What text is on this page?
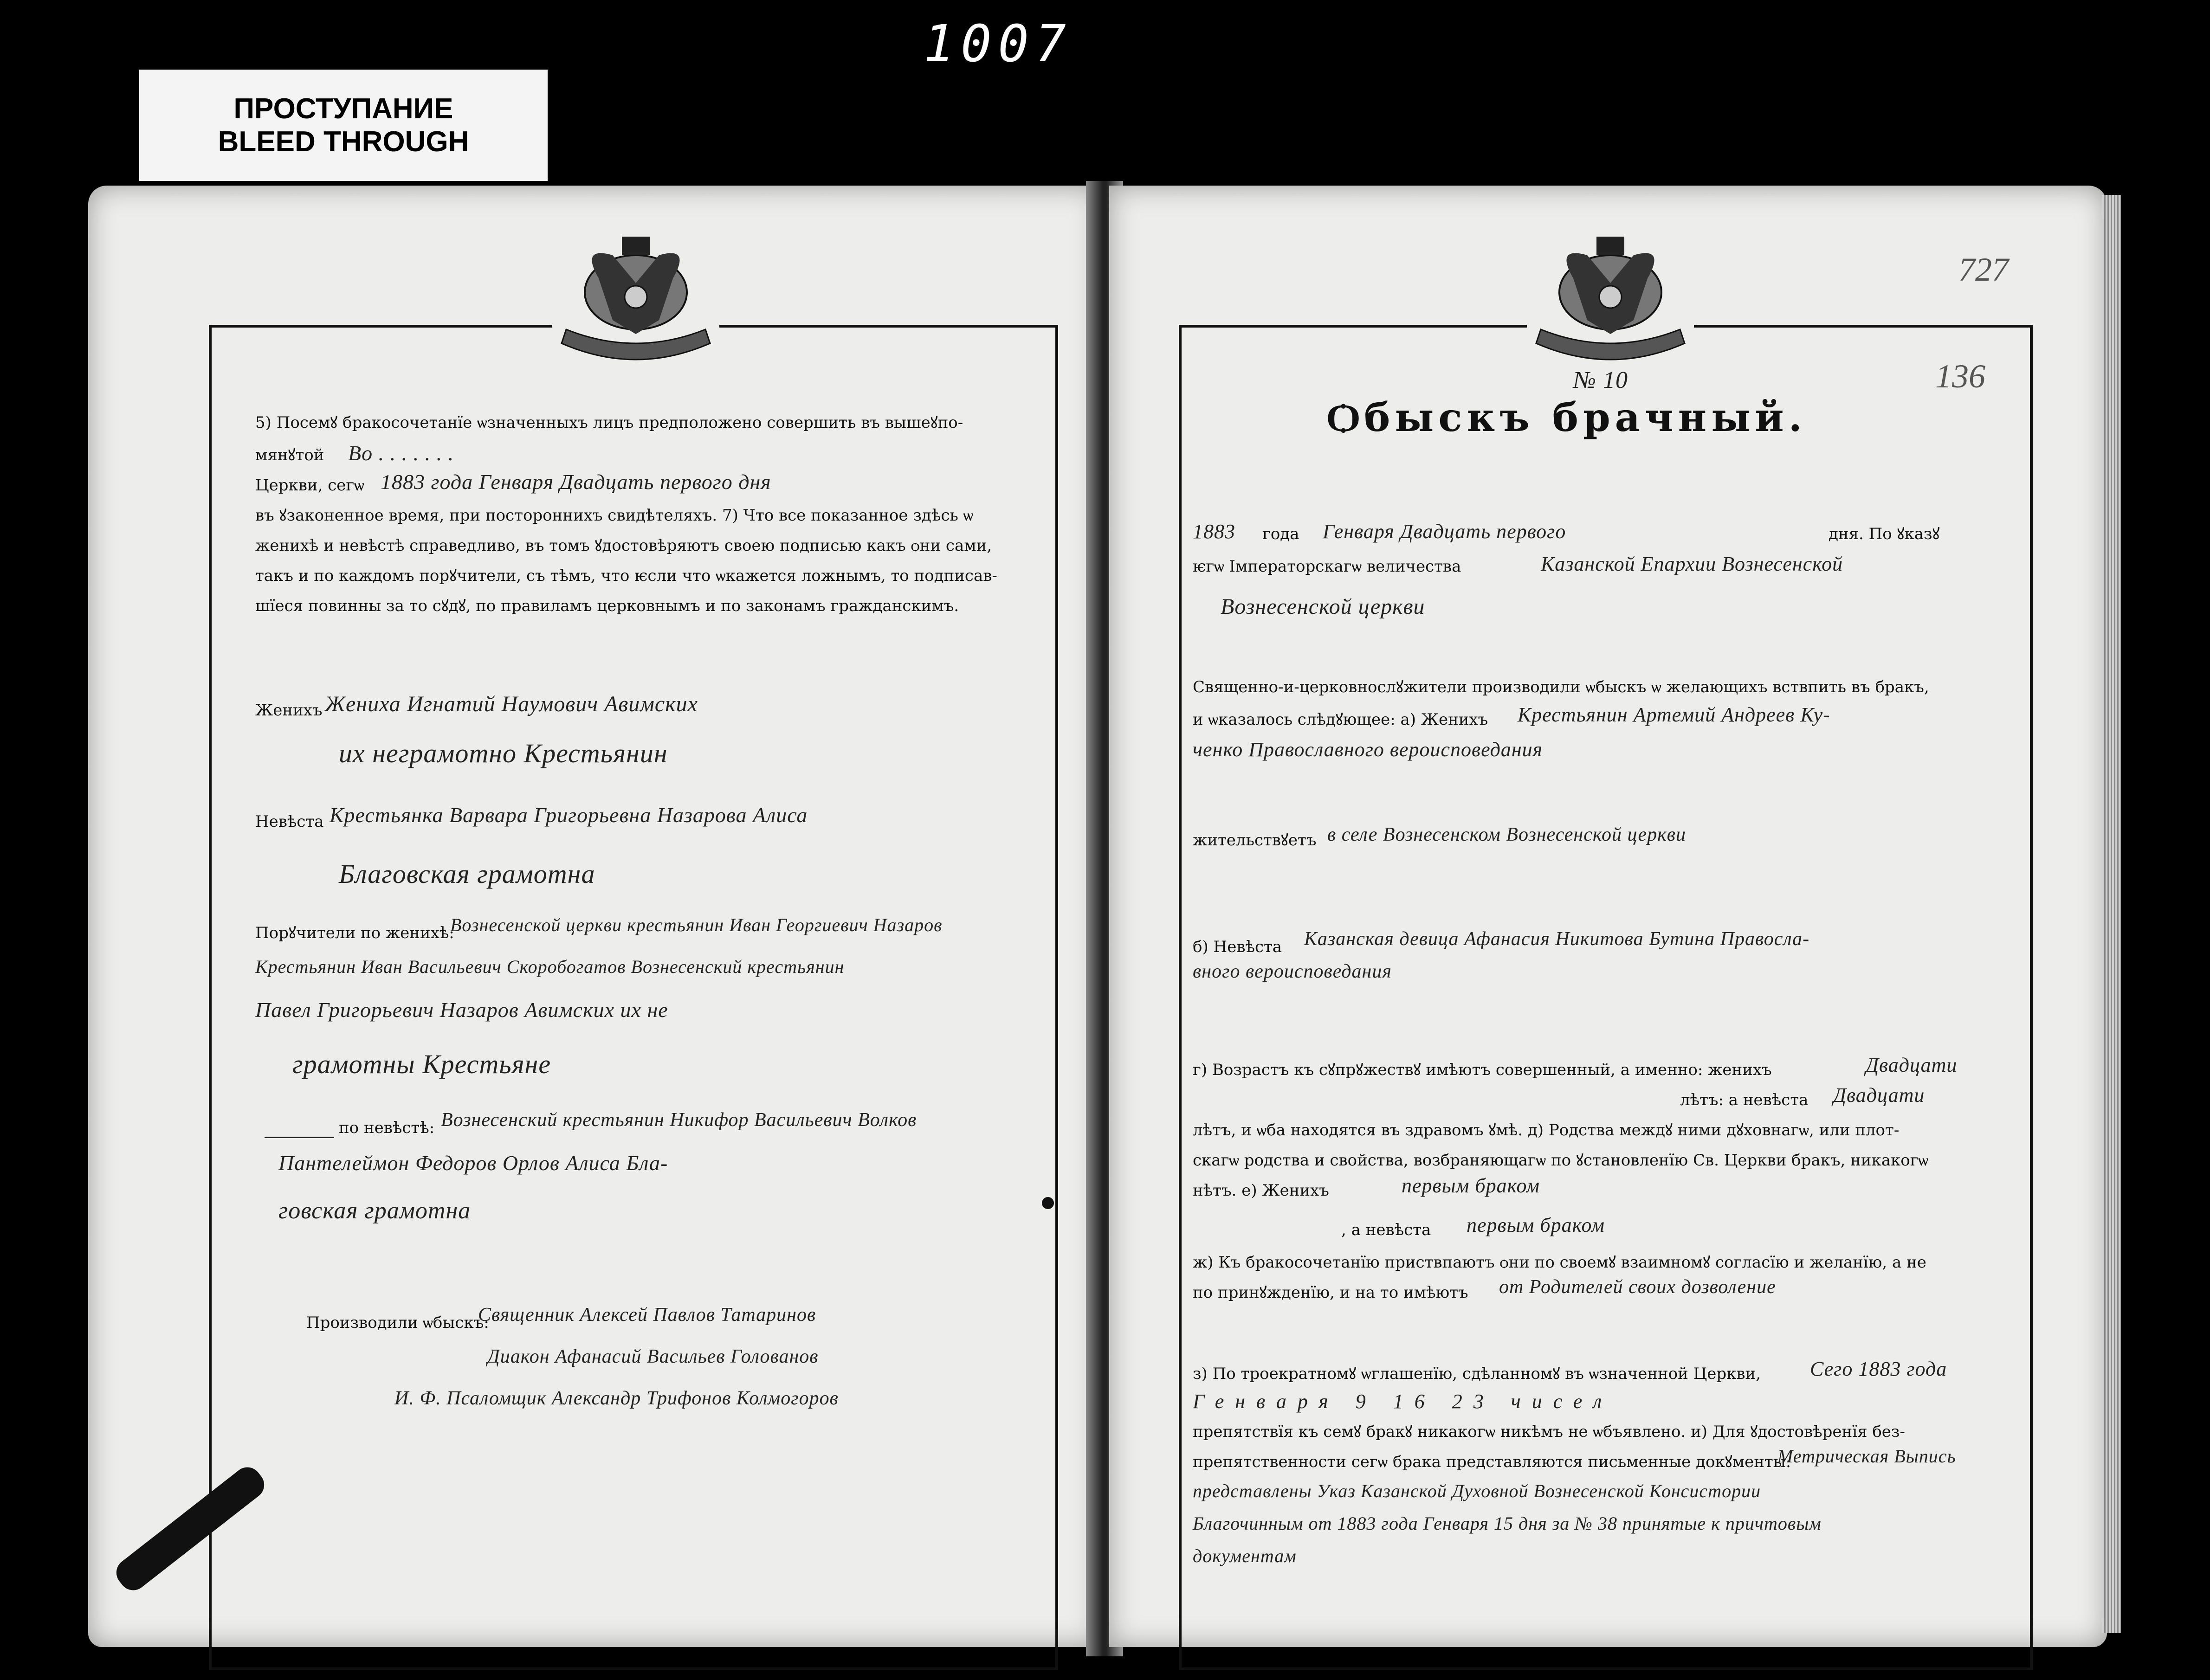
1007
ПРОСТУПАНИЕ
BLEED THROUGH
5) Посемꙋ бракосочетанїе ѡзначенныхъ лицъ предположено совершить въ вышеꙋпо-
мянꙋтой Во . . . . . . .
Церкви, сегѡ 1883 года Генваря Двадцать первого дня
въ ꙋзаконенное время, при постороннихъ свидѣтеляхъ. 7) Что все показанное здѣсь ѡ
женихѣ и невѣстѣ справедливо, въ томъ ꙋдостовѣряютъ своею подписью какъ ѻни сами,
такъ и по каждомъ порꙋчители, съ тѣмъ, что ѥсли что ѡкажется ложнымъ, то подписав-
шїеся повинны за то сꙋдꙋ, по правиламъ церковнымъ и по законамъ гражданскимъ.
Женихъ Жениха Игнатий Наумович Авимских
их неграмотно Крестьянин
Невѣста Крестьянка Варвара Григорьевна Назарова Алиса
Благовская грамотна
Порꙋчители по женихѣ:
Вознесенской церкви крестьянин Иван Георгиевич Назаров
Крестьянин Иван Васильевич Скоробогатов Вознесенский крестьянин
Павел Григорьевич Назаров Авимских их не
грамотны Крестьяне
по невѣстѣ: Вознесенский крестьянин Никифор Васильевич Волков
Пантелеймон Федоров Орлов Алиса Бла-
говская грамотна
Производили ѡбыскъ:
Священник Алексей Павлов Татаринов
Диакон Афанасий Васильев Голованов
И. Ф. Псаломщик Александр Трифонов Колмогоров
727
136
№ 10
Ѻбыскъ брачный.
1883 года Генваря Двадцать первого	дня. По ꙋказꙋ
ѥгѡ Імператорскагѡ величества	Казанской Епархии Вознесенской
Вознесенской церкви
Священно-и-церковнослꙋжители производили ѡбыскъ ѡ желающихъ вствпить въ бракъ,
и ѡказалось слѣдꙋющее: а) Женихъ Крестьянин Артемий Андреев Ку-
ченко Православного вероисповедания
жительствꙋетъ в селе Вознесенском Вознесенской церкви
б) Невѣста Казанская девица Афанасия Никитова Бутина Правосла-
вного вероисповедания
г) Возрастъ къ сꙋпрꙋжествꙋ имѣютъ совершенный, а именно: женихъ	Двадцати
лѣтъ: а невѣста Двадцати
лѣтъ, и ѡба находятся въ здравомъ ꙋмѣ. д) Родства междꙋ ними дꙋховнагѡ, или плот-
скагѡ родства и свойства, возбраняющагѡ по ꙋстановленїю Св. Церкви бракъ, никакогѡ
нѣтъ. е) Женихъ	первым браком
, а невѣста первым браком
ж) Къ бракосочетанїю приствпаютъ ѻни по своемꙋ взаимномꙋ согласїю и желанїю, а не
по принꙋжденїю, и на то имѣютъ от Родителей своих дозволение
з) По троекратномꙋ ѡглашенїю, сдѣланномꙋ въ ѡзначенной Церкви, Сего 1883 года
Генваря 9 16 23 чисел
препятствїя къ семꙋ бракꙋ никакогѡ никѣмъ не ѡбъявлено. и) Для ꙋдостовѣренїя без-
препятственности сегѡ брака представляются письменные докꙋменты:
Метрическая Выпись
представлены Указ Казанской Духовной Вознесенской Консистории
Благочинным от 1883 года Генваря 15 дня за № 38 принятые к причтовым
документам
